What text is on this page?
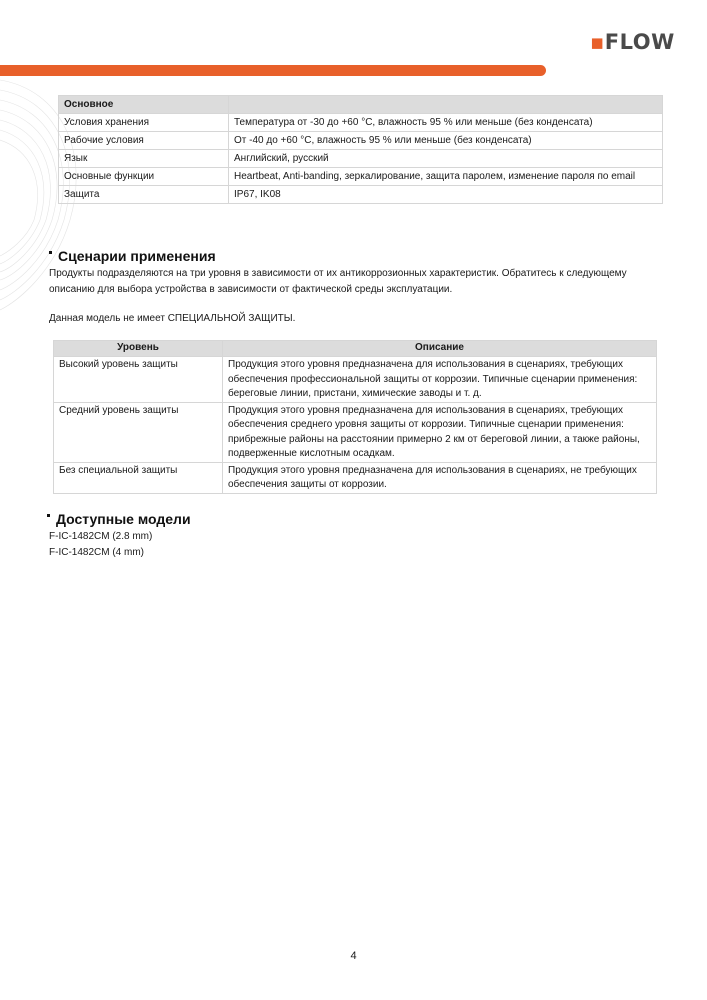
▪FLOW
Основное	
Условия хранения	Температура от -30 до +60 °C, влажность 95 % или меньше (без конденсата)
Рабочие условия	От -40 до +60 °C, влажность 95 % или меньше (без конденсата)
Язык	Английский, русский
Основные функции	Heartbeat, Anti-banding, зеркалирование, защита паролем, изменение пароля по email
Защита	IP67, IK08
Сценарии применения
Продукты подразделяются на три уровня в зависимости от их антикоррозионных характеристик. Обратитесь к следующему описанию для выбора устройства в зависимости от фактической среды эксплуатации.
Данная модель не имеет СПЕЦИАЛЬНОЙ ЗАЩИТЫ.
Уровень	Описание
Высокий уровень защиты	Продукция этого уровня предназначена для использования в сценариях, требующих обеспечения профессиональной защиты от коррозии. Типичные сценарии применения: береговые линии, пристани, химические заводы и т. д.
Средний уровень защиты	Продукция этого уровня предназначена для использования в сценариях, требующих обеспечения среднего уровня защиты от коррозии. Типичные сценарии применения: прибрежные районы на расстоянии примерно 2 км от береговой линии, а также районы, подверженные кислотным осадкам.
Без специальной защиты	Продукция этого уровня предназначена для использования в сценариях, не требующих обеспечения защиты от коррозии.
Доступные модели
F-IC-1482CM (2.8 mm)
F-IC-1482CM (4 mm)
4
